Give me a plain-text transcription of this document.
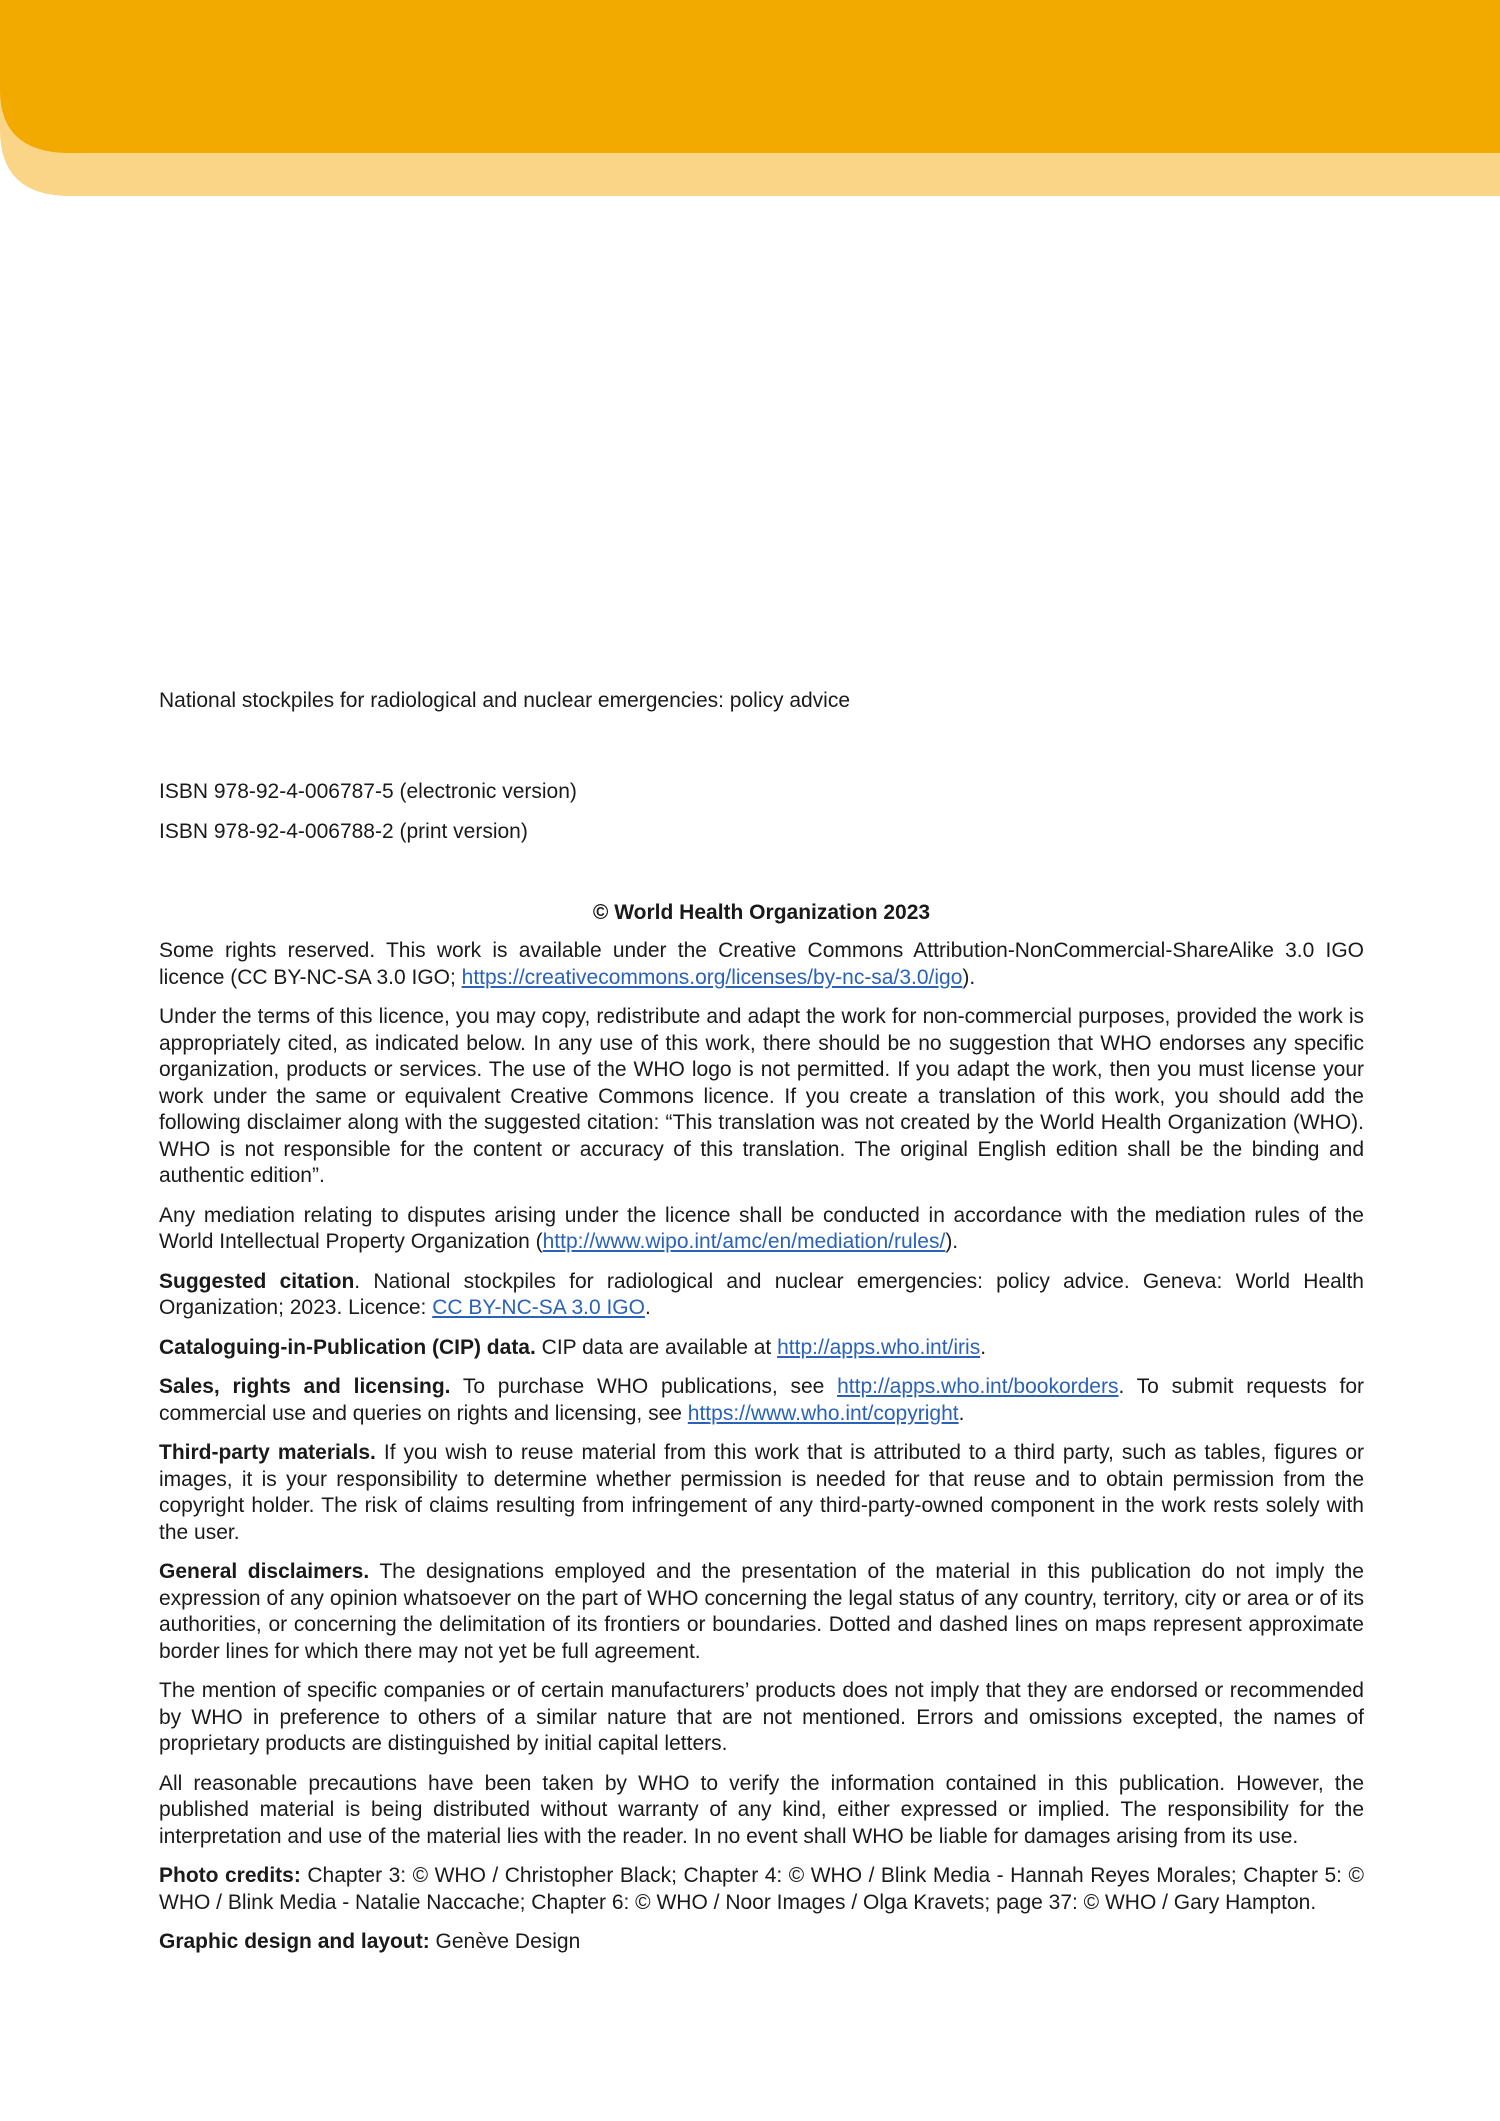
National stockpiles for radiological and nuclear emergencies: policy advice

ISBN 978-92-4-006787-5 (electronic version)

ISBN 978-92-4-006788-2 (print version)

© World Health Organization 2023

Some rights reserved. This work is available under the Creative Commons Attribution-NonCommercial-ShareAlike 3.0 IGO licence (CC BY-NC-SA 3.0 IGO; https://creativecommons.org/licenses/by-nc-sa/3.0/igo).

Under the terms of this licence, you may copy, redistribute and adapt the work for non-commercial purposes, provided the work is appropriately cited, as indicated below. In any use of this work, there should be no suggestion that WHO endorses any specific organization, products or services. The use of the WHO logo is not permitted. If you adapt the work, then you must license your work under the same or equivalent Creative Commons licence. If you create a translation of this work, you should add the following disclaimer along with the suggested citation: “This translation was not created by the World Health Organization (WHO). WHO is not responsible for the content or accuracy of this translation. The original English edition shall be the binding and authentic edition”.

Any mediation relating to disputes arising under the licence shall be conducted in accordance with the mediation rules of the World Intellectual Property Organization (http://www.wipo.int/amc/en/mediation/rules/).

Suggested citation. National stockpiles for radiological and nuclear emergencies: policy advice. Geneva: World Health Organization; 2023. Licence: CC BY-NC-SA 3.0 IGO.

Cataloguing-in-Publication (CIP) data. CIP data are available at http://apps.who.int/iris.

Sales, rights and licensing. To purchase WHO publications, see http://apps.who.int/bookorders. To submit requests for commercial use and queries on rights and licensing, see https://www.who.int/copyright.

Third-party materials. If you wish to reuse material from this work that is attributed to a third party, such as tables, figures or images, it is your responsibility to determine whether permission is needed for that reuse and to obtain permission from the copyright holder. The risk of claims resulting from infringement of any third-party-owned component in the work rests solely with the user.

General disclaimers. The designations employed and the presentation of the material in this publication do not imply the expression of any opinion whatsoever on the part of WHO concerning the legal status of any country, territory, city or area or of its authorities, or concerning the delimitation of its frontiers or boundaries. Dotted and dashed lines on maps represent approximate border lines for which there may not yet be full agreement.

The mention of specific companies or of certain manufacturers’ products does not imply that they are endorsed or recommended by WHO in preference to others of a similar nature that are not mentioned. Errors and omissions excepted, the names of proprietary products are distinguished by initial capital letters.

All reasonable precautions have been taken by WHO to verify the information contained in this publication. However, the published material is being distributed without warranty of any kind, either expressed or implied. The responsibility for the interpretation and use of the material lies with the reader. In no event shall WHO be liable for damages arising from its use.

Photo credits: Chapter 3: © WHO / Christopher Black; Chapter 4: © WHO / Blink Media - Hannah Reyes Morales; Chapter 5: © WHO / Blink Media - Natalie Naccache; Chapter 6: © WHO / Noor Images / Olga Kravets; page 37: © WHO / Gary Hampton.

Graphic design and layout: Genève Design
